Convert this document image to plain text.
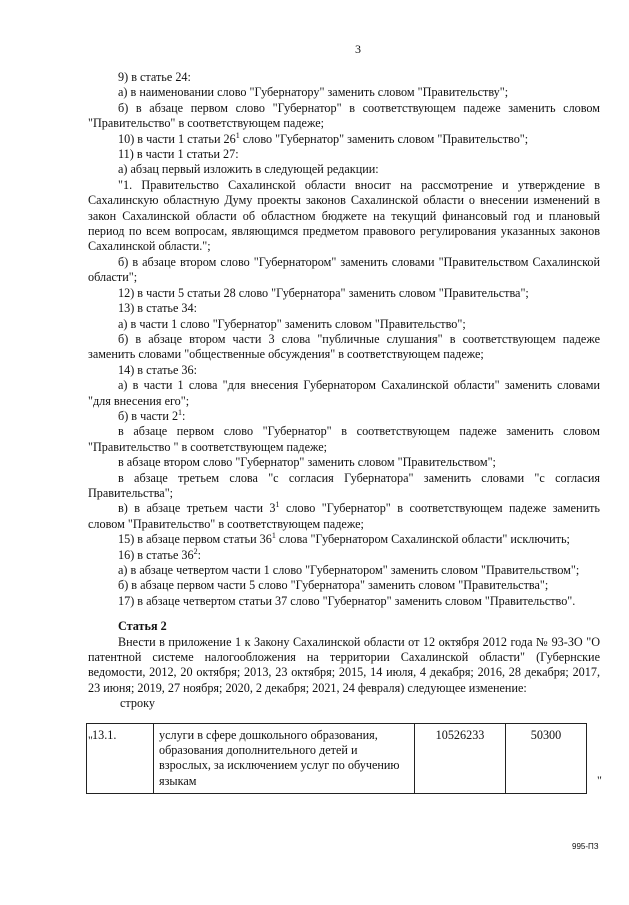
3

9) в статье 24:

а) в наименовании слово "Губернатору" заменить словом "Правительству";

б) в абзаце первом слово "Губернатор" в соответствующем падеже заменить словом "Правительство" в соответствующем падеже;

10) в части 1 статьи $26^1$ слово "Губернатор" заменить словом "Правительство";

11) в части 1 статьи 27:

а) абзац первый изложить в следующей редакции:

"1. Правительство Сахалинской области вносит на рассмотрение и утверждение в Сахалинскую областную Думу проекты законов Сахалинской области о внесении изменений в закон Сахалинской области об областном бюджете на текущий финансовый год и плановый период по всем вопросам, являющимся предметом правового регулирования указанных законов Сахалинской области.";

б) в абзаце втором слово "Губернатором" заменить словами "Правительством Сахалинской области";

12) в части 5 статьи 28 слово "Губернатора" заменить словом "Правительства";

13) в статье 34:

а) в части 1 слово "Губернатор" заменить словом "Правительство";

б) в абзаце втором части 3 слова "публичные слушания" в соответствующем падеже заменить словами "общественные обсуждения" в соответствующем падеже;

14) в статье 36:

а) в части 1 слова "для внесения Губернатором Сахалинской области" заменить словами "для внесения его";

б) в части $2^1$:

в абзаце первом слово "Губернатор" в соответствующем падеже заменить словом "Правительство " в соответствующем падеже;

в абзаце втором слово "Губернатор" заменить словом "Правительством";

в абзаце третьем слова "с согласия Губернатора" заменить словами "с согласия Правительства";

в) в абзаце третьем части $3^1$ слово "Губернатор" в соответствующем падеже заменить словом "Правительство" в соответствующем падеже;

15) в абзаце первом статьи $36^1$ слова "Губернатором Сахалинской области" исключить;

16) в статье $36^2$:

а) в абзаце четвертом части 1 слово "Губернатором" заменить словом "Правительством";

б) в абзаце первом части 5 слово "Губернатора" заменить словом "Правительства";

17) в абзаце четвертом статьи 37 слово "Губернатор" заменить словом "Правительство".

Статья 2

Внести в приложение 1 к Закону Сахалинской области от 12 октября 2012 года № 93-ЗО "О патентной системе налогообложения на территории Сахалинской области" (Губернские ведомости, 2012, 20 октября; 2013, 23 октября; 2015, 14 июля, 4 декабря; 2016, 28 декабря; 2017, 23 июня; 2019, 27 ноября; 2020, 2 декабря; 2021, 24 февраля) следующее изменение:

строку

" 13.1.	услуги в сфере дошкольного образования, образования дополнительного детей и взрослых, за исключением услуг по обучению языкам	10526233	50300
"
995-ПЗ
